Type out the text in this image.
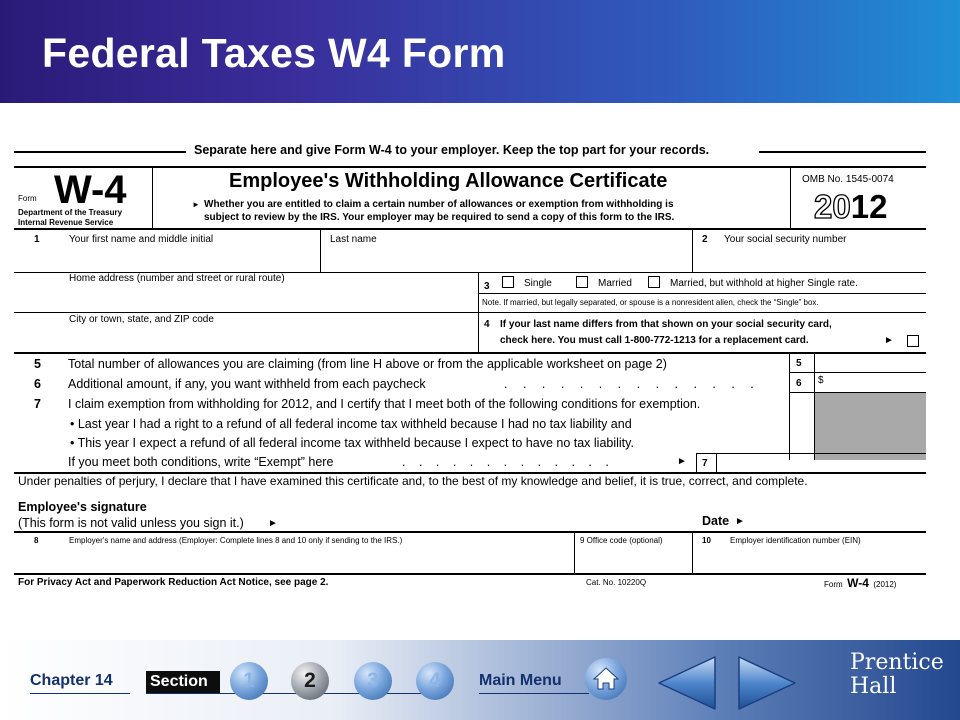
Federal Taxes W4 Form
Separate here and give Form W-4 to your employer. Keep the top part for your records.
Form W-4
Department of the Treasury
Internal Revenue Service
Employee's Withholding Allowance Certificate
► Whether you are entitled to claim a certain number of allowances or exemption from withholding is
subject to review by the IRS. Your employer may be required to send a copy of this form to the IRS.
OMB No. 1545-0074
2012
1	Your first name and middle initial	Last name	2 Your social security number
Home address (number and street or rural route)
3	Single	Married	Married, but withhold at higher Single rate.
Note. If married, but legally separated, or spouse is a nonresident alien, check the “Single” box.
City or town, state, and ZIP code	4 If your last name differs from that shown on your social security card,
check here. You must call 1-800-772-1213 for a replacement card.	►
5 Total number of allowances you are claiming (from line H above or from the applicable worksheet on page 2)	5
6 Additional amount, if any, you want withheld from each paycheck	. . . . . . . . . . . . . .	6 $
7 I claim exemption from withholding for 2012, and I certify that I meet both of the following conditions for exemption.
• Last year I had a right to a refund of all federal income tax withheld because I had no tax liability and
• This year I expect a refund of all federal income tax withheld because I expect to have no tax liability.
If you meet both conditions, write “Exempt” here	. . . . . . . . . . . . .	► 7
Under penalties of perjury, I declare that I have examined this certificate and, to the best of my knowledge and belief, it is true, correct, and complete.
Employee's signature
(This form is not valid unless you sign it.) ►	Date ►
8	Employer's name and address (Employer: Complete lines 8 and 10 only if sending to the IRS.)	9 Office code (optional)	10 Employer identification number (EIN)
For Privacy Act and Paperwork Reduction Act Notice, see page 2.	Cat. No. 10220Q	Form W-4 (2012)
Chapter 14 Section	1	2	3	4	Main Menu
Prentice
Hall
